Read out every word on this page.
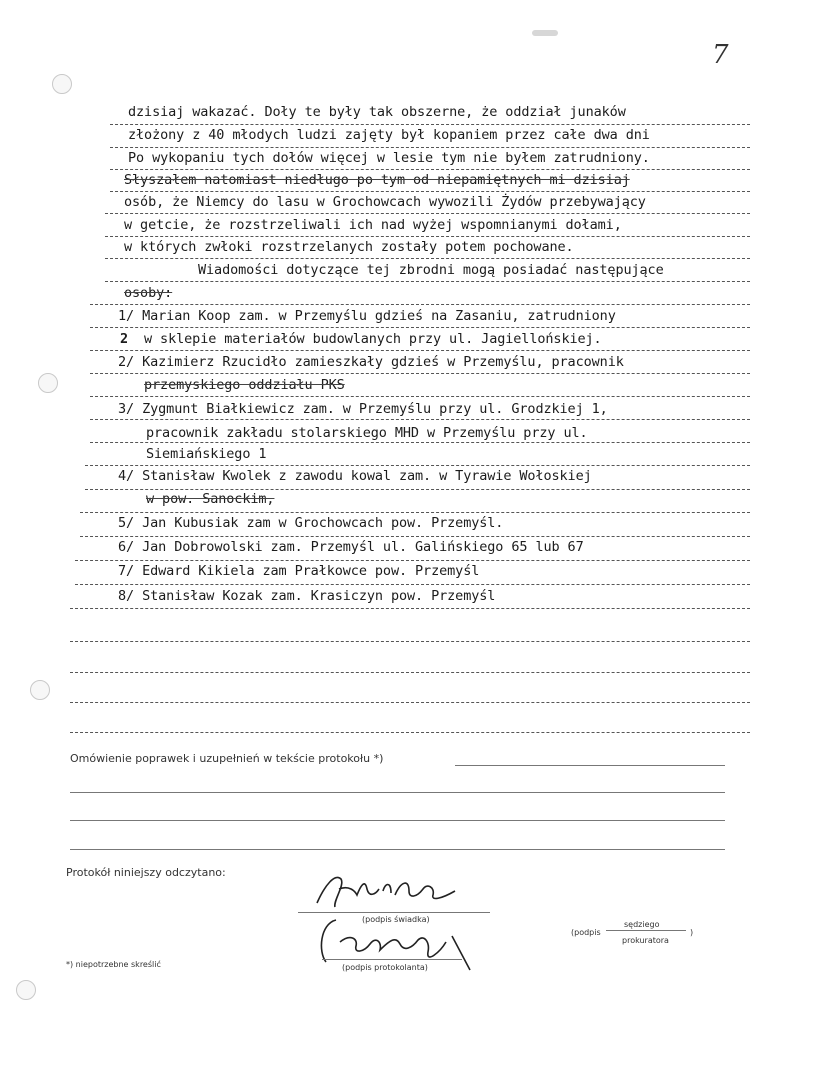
7
dzisiaj wakazać. Doły te były tak obszerne, że oddział junaków
złożony z 40 młodych ludzi zajęty był kopaniem przez całe dwa dni
Po wykopaniu tych dołów więcej w lesie tym nie byłem zatrudniony.
Słyszałem natomiast niedługo po tym od niepamiętnych mi dzisiaj
osób, że Niemcy do lasu w Grochowcach wywozili Żydów przebywający
w getcie, że rozstrzeliwali ich nad wyżej wspomnianymi dołami,
w których zwłoki rozstrzelanych zostały potem pochowane.
Wiadomości dotyczące tej zbrodni mogą posiadać następujące
osoby:
1/ Marian Koop zam. w Przemyślu gdzieś na Zasaniu, zatrudniony
2 w sklepie materiałów budowlanych przy ul. Jagiellońskiej.
2/ Kazimierz Rzucidło zamieszkały gdzieś w Przemyślu, pracownik
przemyskiego oddziału PKS
3/ Zygmunt Białkiewicz zam. w Przemyślu przy ul. Grodzkiej 1,
pracownik zakładu stolarskiego MHD w Przemyślu przy ul.
Siemiańskiego 1
4/ Stanisław Kwolek z zawodu kowal zam. w Tyrawie Wołoskiej
w pow. Sanockim,
5/ Jan Kubusiak zam w Grochowcach pow. Przemyśl.
6/ Jan Dobrowolski zam. Przemyśl ul. Galińskiego 65 lub 67
7/ Edward Kikiela zam Prałkowce pow. Przemyśl
8/ Stanisław Kozak zam. Krasiczyn pow. Przemyśl
Omówienie poprawek i uzupełnień w tekście protokołu *)
Protokół niniejszy odczytano:
(podpis świadka)
(podpis protokolanta)
(podpis
sędziego
prokuratora
)
*) niepotrzebne skreślić
